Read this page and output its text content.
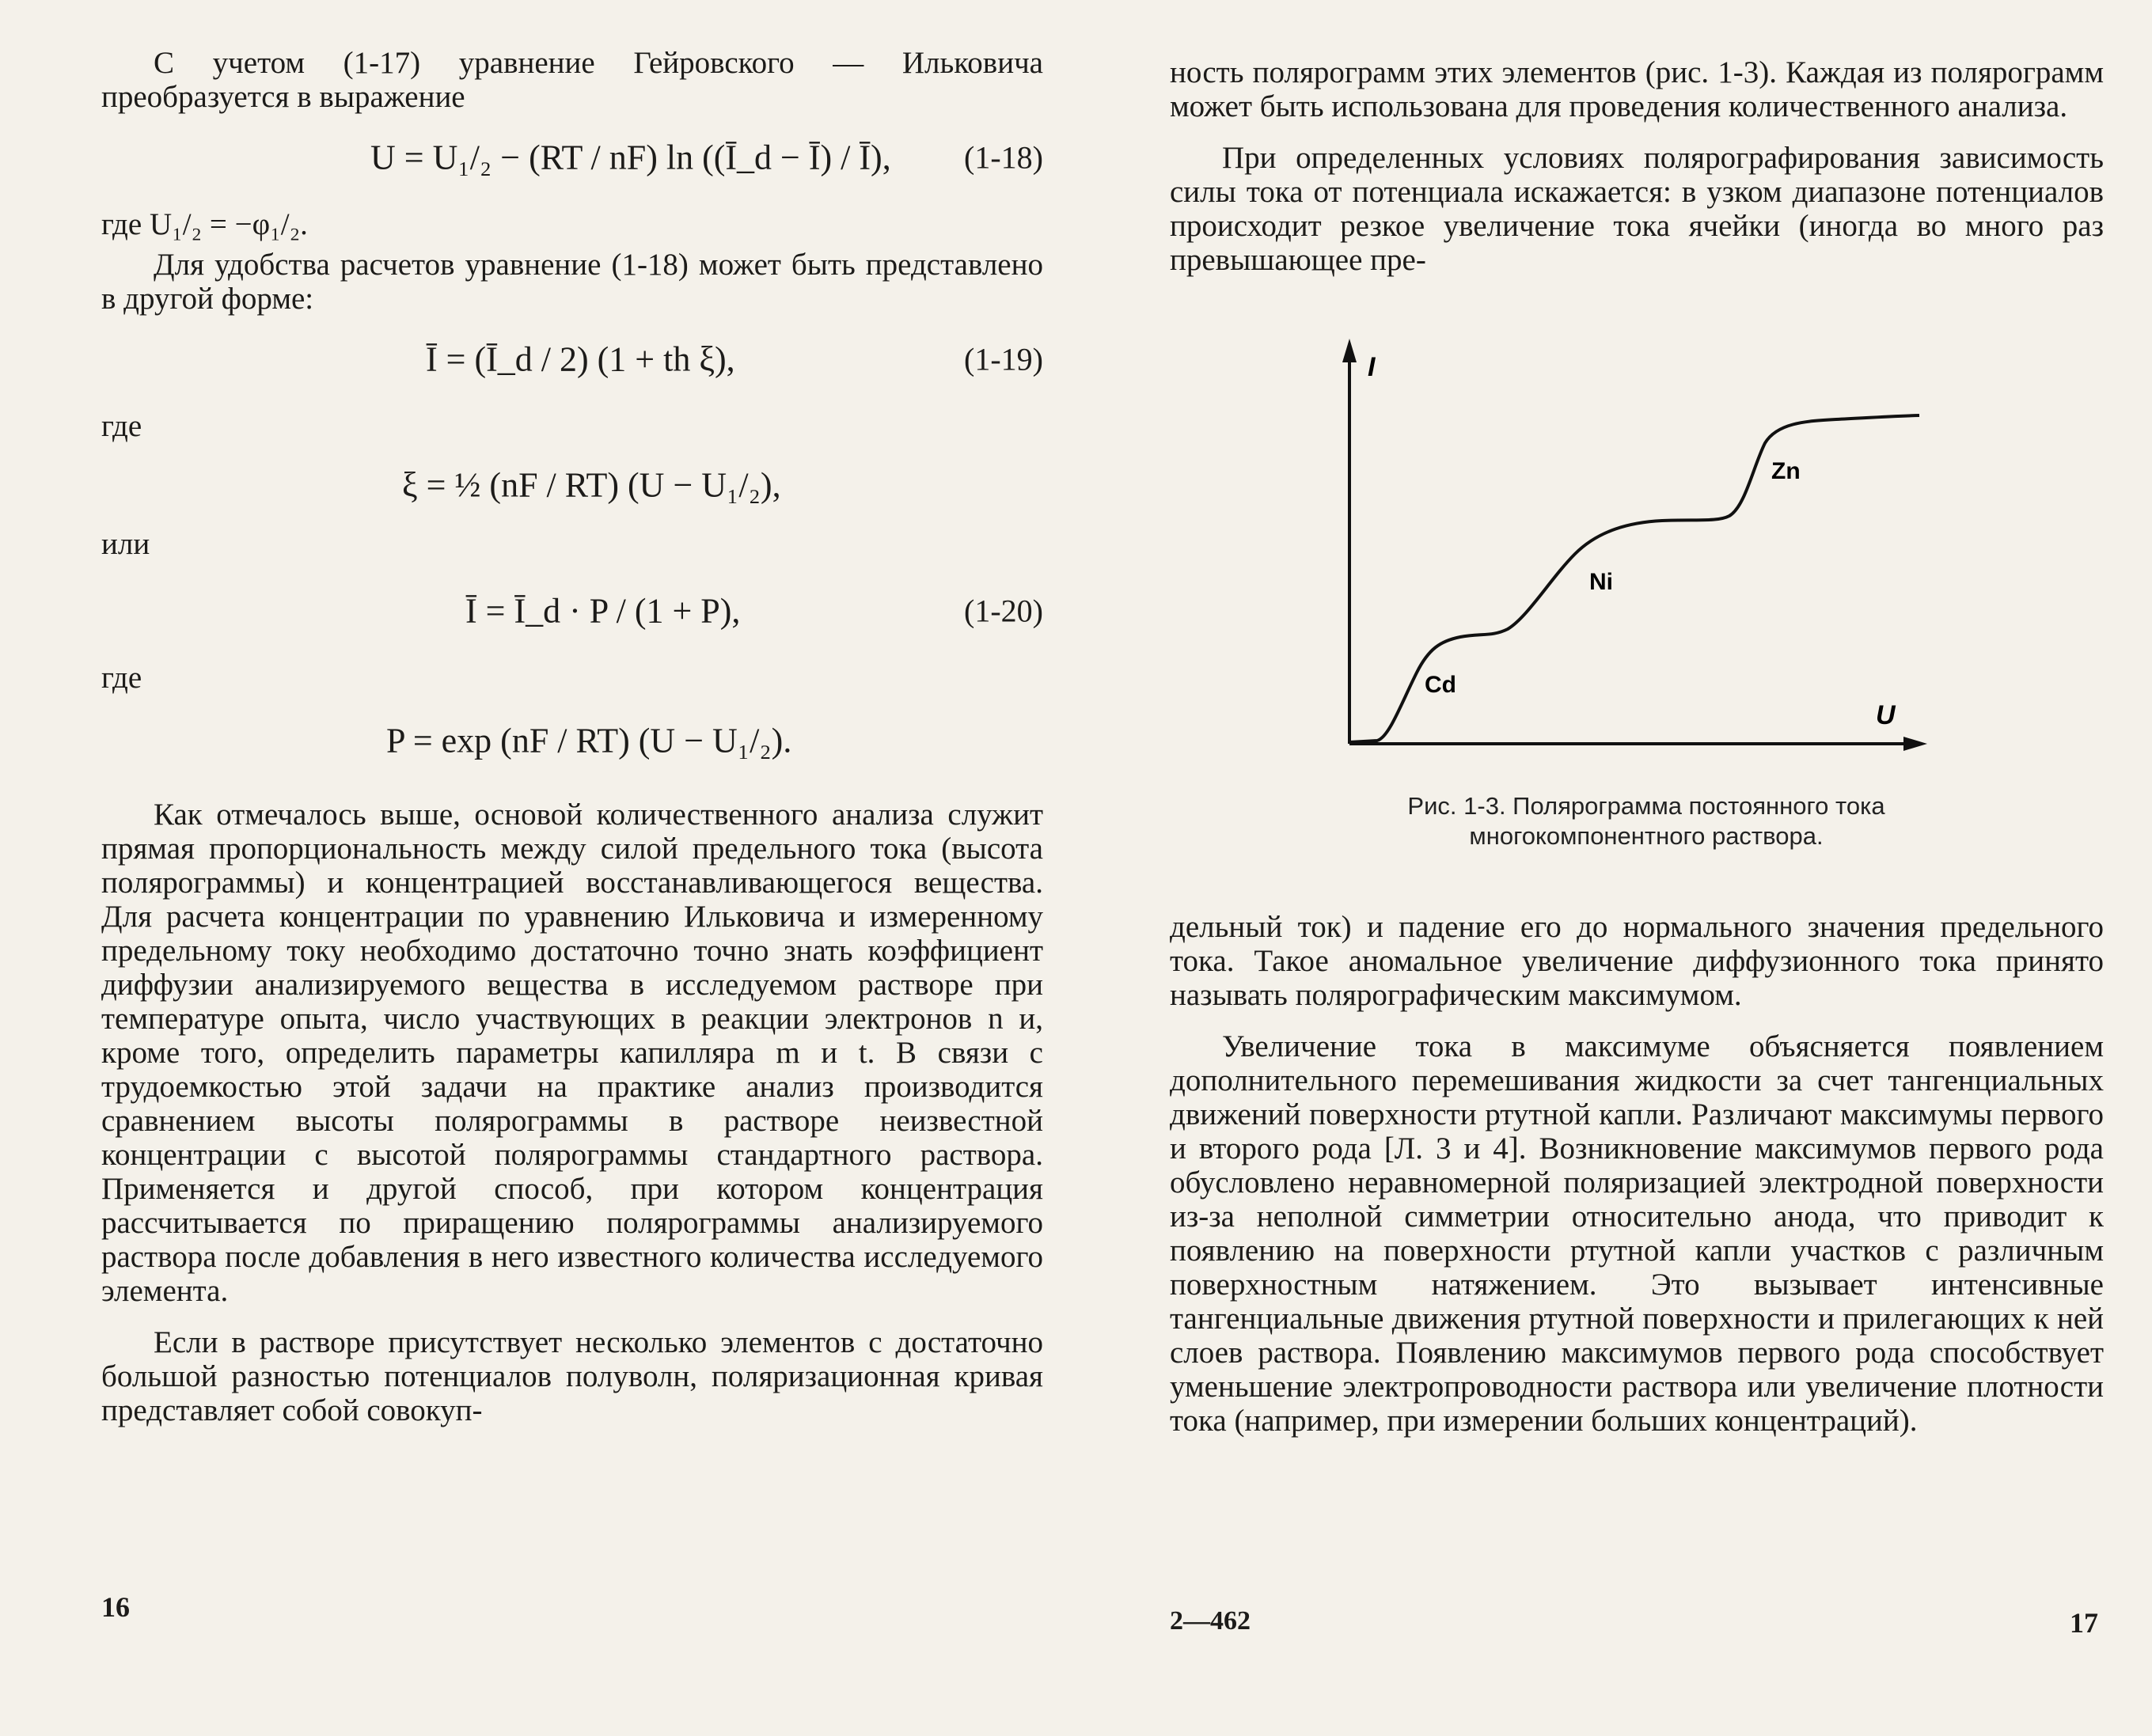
С учетом (1-17) уравнение Гейровского — Ильковича преобразуется в выражение

U = U₁/₂ − (RT / nF) ln ((Ī_d − Ī) / Ī), (1-18)
где U₁/₂ = −φ₁/₂.

Для удобства расчетов уравнение (1-18) может быть представлено в другой форме:

Ī = (Ī_d / 2) (1 + th ξ),	(1-19)
где
ξ = ½ (nF / RT) (U − U₁/₂),
или
Ī = Ī_d · P / (1 + P),	(1-20)
где
P = exp (nF / RT) (U − U₁/₂).

Как отмечалось выше, основой количественного анализа служит прямая пропорциональность между силой предельного тока (высота полярограммы) и концентрацией восстанавливающегося вещества. Для расчета концентрации по уравнению Ильковича и измеренному предельному току необходимо достаточно точно знать коэффициент диффузии анализируемого вещества в исследуемом растворе при температуре опыта, число участвующих в реакции электронов n и, кроме того, определить параметры капилляра m и t. В связи с трудоемкостью этой задачи на практике анализ производится сравнением высоты полярограммы в растворе неизвестной концентрации с высотой полярограммы стандартного раствора. Применяется и другой способ, при котором концентрация рассчитывается по приращению полярограммы анализируемого раствора после добавления в него известного количества исследуемого элемента.

Если в растворе присутствует несколько элементов с достаточно большой разностью потенциалов полуволн, поляризационная кривая представляет собой совокуп-

16

ность полярограмм этих элементов (рис. 1-3). Каждая из полярограмм может быть использована для проведения количественного анализа.

При определенных условиях полярографирования зависимость силы тока от потенциала искажается: в узком диапазоне потенциалов происходит резкое увеличение тока ячейки (иногда во много раз превышающее пре-

дельный ток) и падение его до нормального значения предельного тока. Такое аномальное увеличение диффузионного тока принято называть полярографическим максимумом.

Увеличение тока в максимуме объясняется появлением дополнительного перемешивания жидкости за счет тангенциальных движений поверхности ртутной капли. Различают максимумы первого и второго рода [Л. 3 и 4]. Возникновение максимумов первого рода обусловлено неравномерной поляризацией электродной поверхности из-за неполной симметрии относительно анода, что приводит к появлению на поверхности ртутной капли участков с различным поверхностным натяжением. Это вызывает интенсивные тангенциальные движения ртутной поверхности и прилегающих к ней слоев раствора. Появлению максимумов первого рода способствует уменьшение электропроводности раствора или увеличение плотности тока (например, при измерении больших концентраций).

2—462	17
I
U
Cd
Ni
Zn
Рис. 1-3. Полярограмма постоянного тока многокомпонентного раствора.
